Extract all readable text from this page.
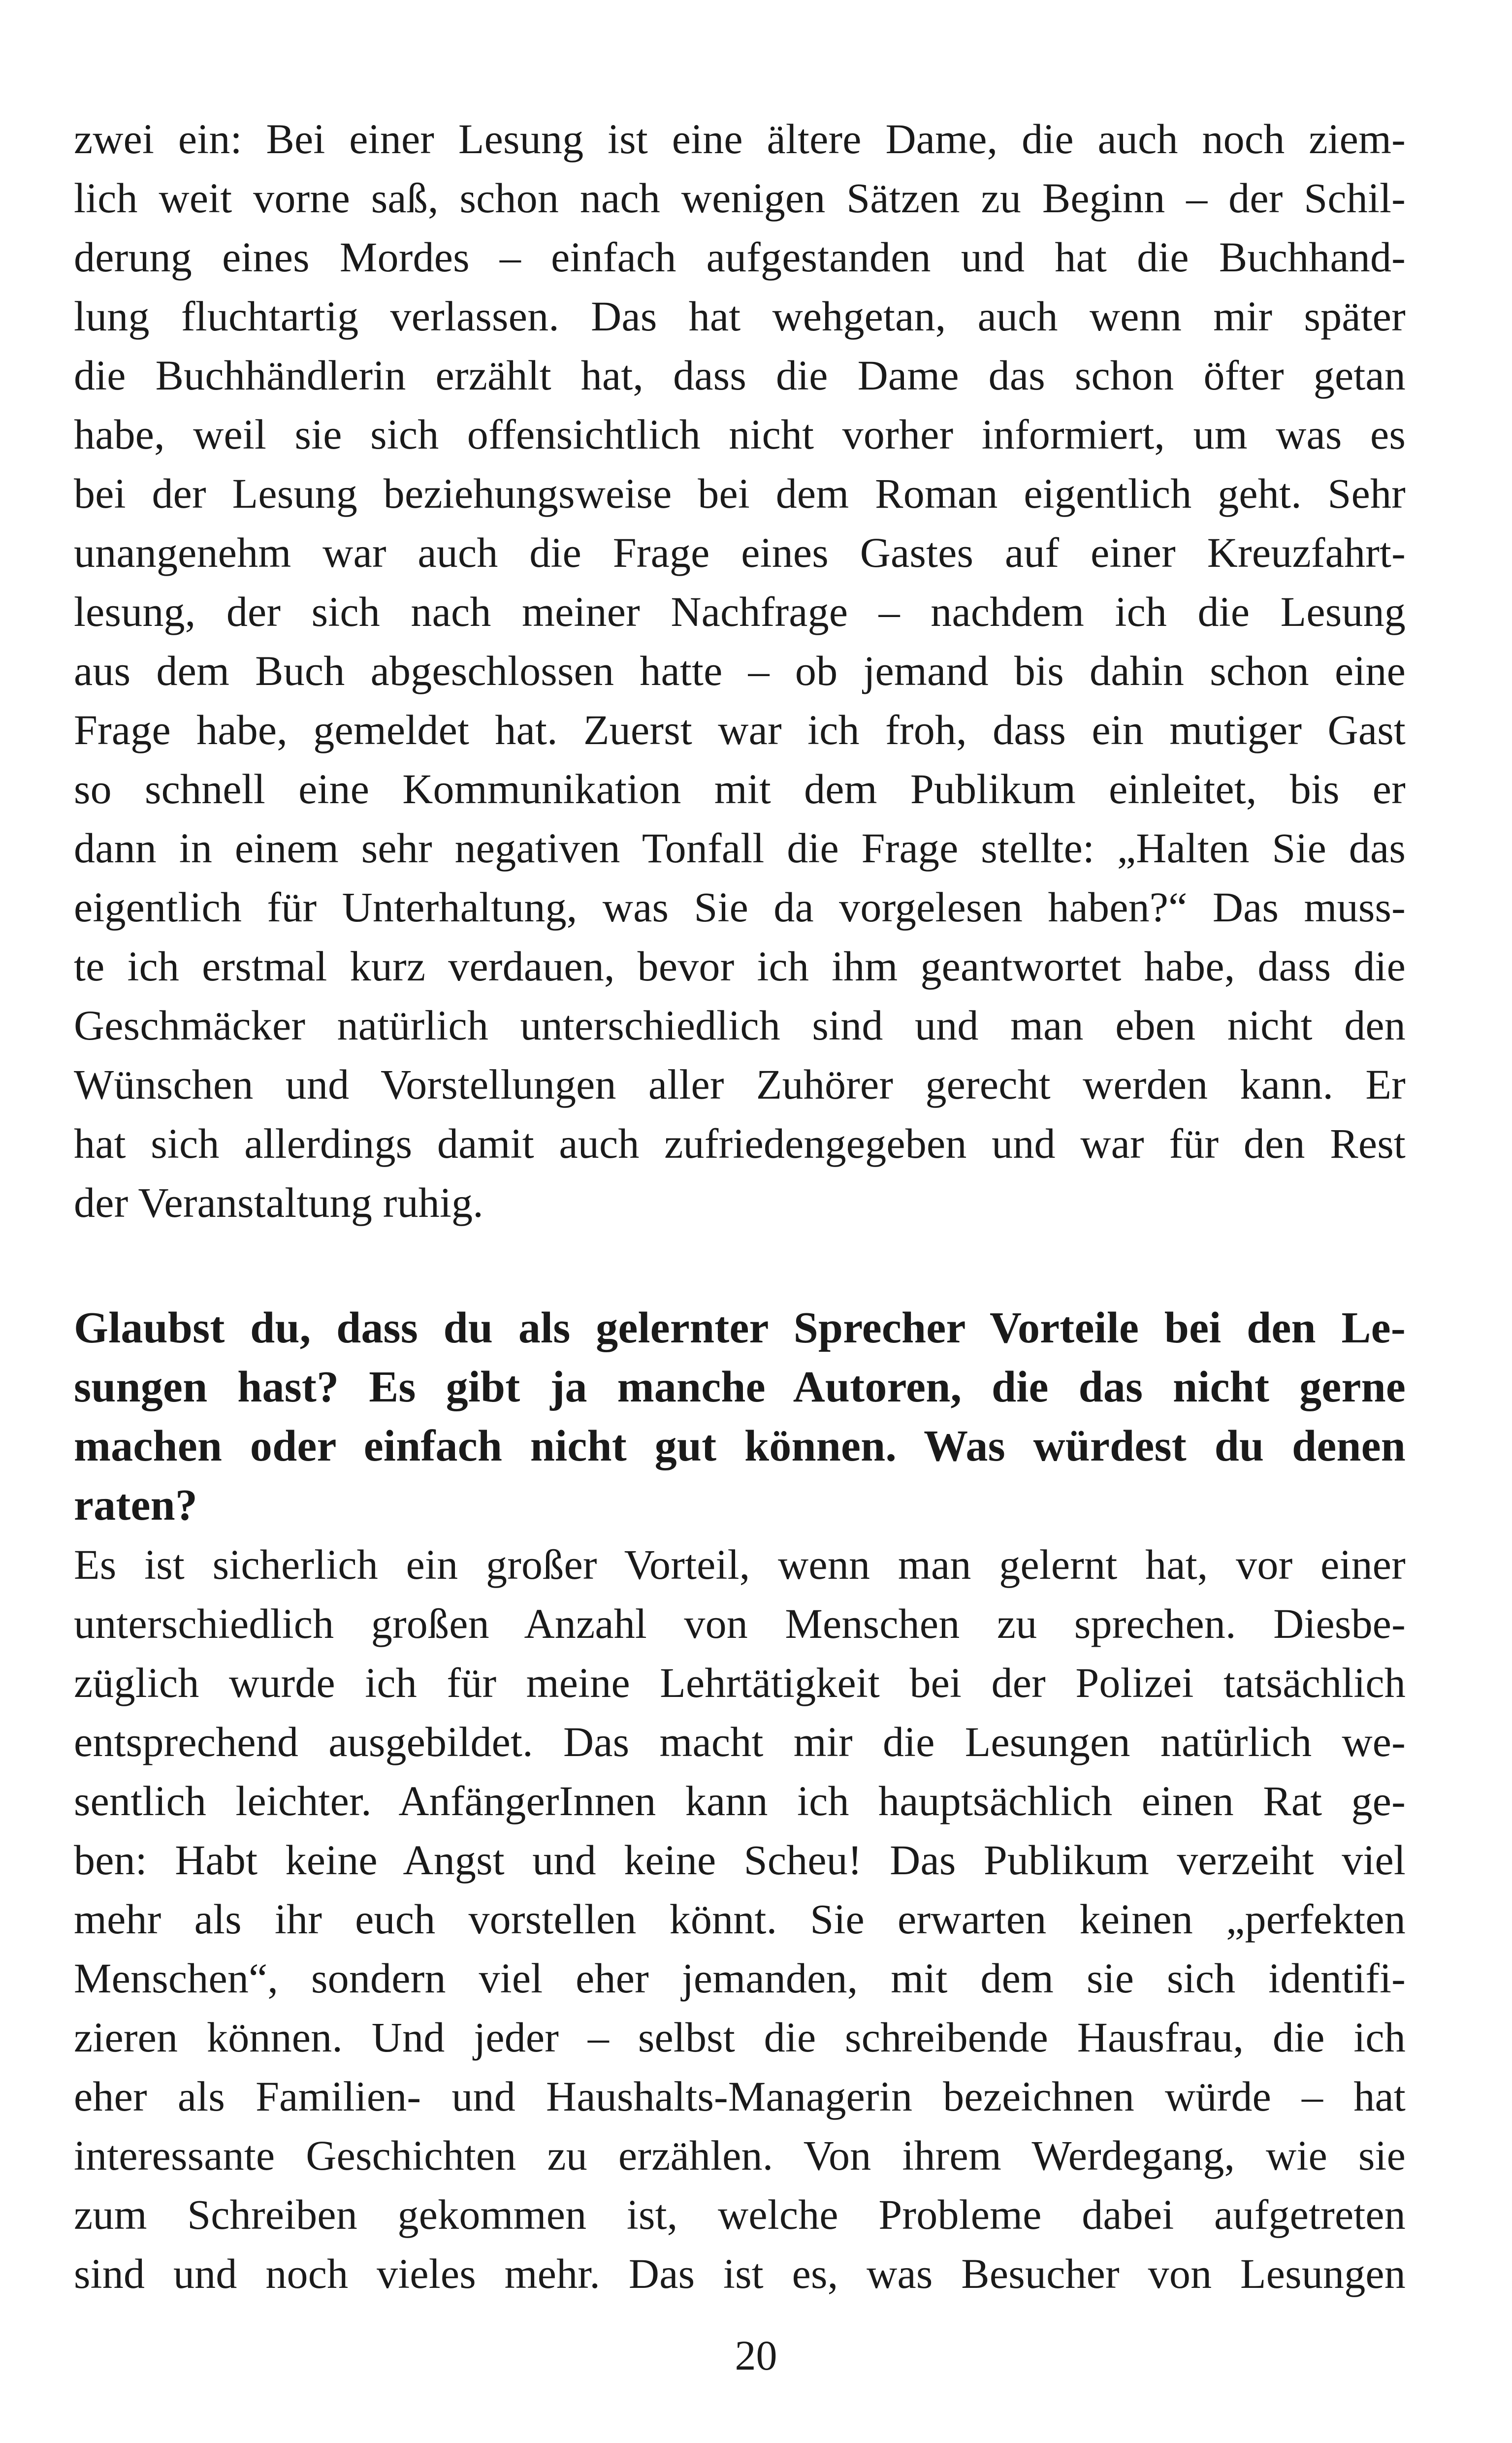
zwei ein: Bei einer Lesung ist eine ältere Dame, die auch noch ziem-
lich weit vorne saß, schon nach wenigen Sätzen zu Beginn – der Schil-
derung eines Mordes – einfach aufgestanden und hat die Buchhand-
lung fluchtartig verlassen. Das hat wehgetan, auch wenn mir später
die Buchhändlerin erzählt hat, dass die Dame das schon öfter getan
habe, weil sie sich offensichtlich nicht vorher informiert, um was es
bei der Lesung beziehungsweise bei dem Roman eigentlich geht. Sehr
unangenehm war auch die Frage eines Gastes auf einer Kreuzfahrt-
lesung, der sich nach meiner Nachfrage – nachdem ich die Lesung
aus dem Buch abgeschlossen hatte – ob jemand bis dahin schon eine
Frage habe, gemeldet hat. Zuerst war ich froh, dass ein mutiger Gast
so schnell eine Kommunikation mit dem Publikum einleitet, bis er
dann in einem sehr negativen Tonfall die Frage stellte: „Halten Sie das
eigentlich für Unterhaltung, was Sie da vorgelesen haben?“ Das muss-
te ich erstmal kurz verdauen, bevor ich ihm geantwortet habe, dass die
Geschmäcker natürlich unterschiedlich sind und man eben nicht den
Wünschen und Vorstellungen aller Zuhörer gerecht werden kann. Er
hat sich allerdings damit auch zufriedengegeben und war für den Rest
der Veranstaltung ruhig.
Glaubst du, dass du als gelernter Sprecher Vorteile bei den Le-
sungen hast? Es gibt ja manche Autoren, die das nicht gerne
machen oder einfach nicht gut können. Was würdest du denen
raten?
Es ist sicherlich ein großer Vorteil, wenn man gelernt hat, vor einer
unterschiedlich großen Anzahl von Menschen zu sprechen. Diesbe-
züglich wurde ich für meine Lehrtätigkeit bei der Polizei tatsächlich
entsprechend ausgebildet. Das macht mir die Lesungen natürlich we-
sentlich leichter. AnfängerInnen kann ich hauptsächlich einen Rat ge-
ben: Habt keine Angst und keine Scheu! Das Publikum verzeiht viel
mehr als ihr euch vorstellen könnt. Sie erwarten keinen „perfekten
Menschen“, sondern viel eher jemanden, mit dem sie sich identifi-
zieren können. Und jeder – selbst die schreibende Hausfrau, die ich
eher als Familien- und Haushalts-Managerin bezeichnen würde – hat
interessante Geschichten zu erzählen. Von ihrem Werdegang, wie sie
zum Schreiben gekommen ist, welche Probleme dabei aufgetreten
sind und noch vieles mehr. Das ist es, was Besucher von Lesungen
20
